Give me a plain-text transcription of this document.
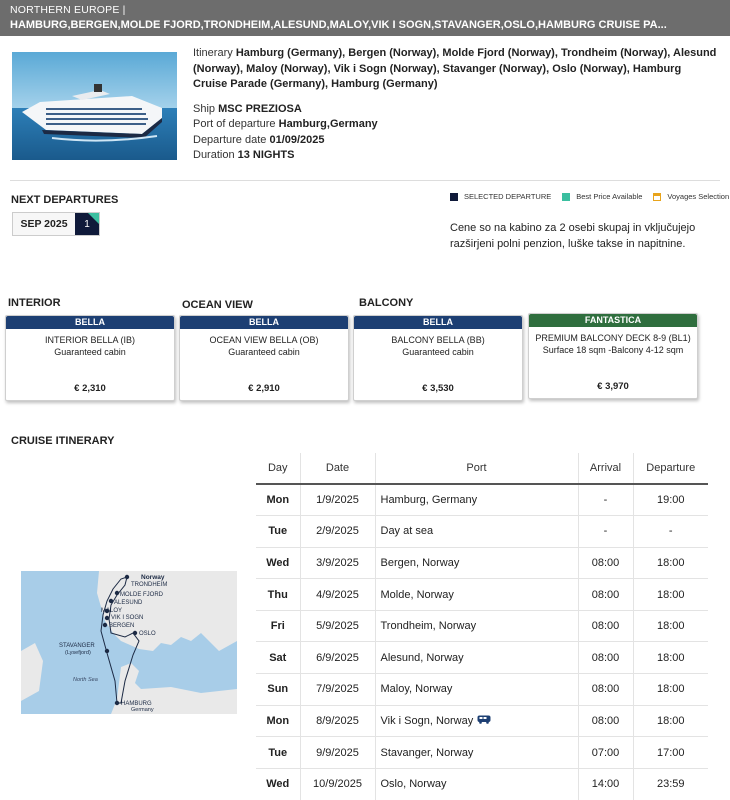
NORTHERN EUROPE |
HAMBURG,BERGEN,MOLDE FJORD,TRONDHEIM,ALESUND,MALOY,VIK I SOGN,STAVANGER,OSLO,HAMBURG CRUISE PA...
Itinerary Hamburg (Germany), Bergen (Norway), Molde Fjord (Norway), Trondheim (Norway), Alesund (Norway), Maloy (Norway), Vik i Sogn (Norway), Stavanger (Norway), Oslo (Norway), Hamburg Cruise Parade (Germany), Hamburg (Germany)
Ship MSC PREZIOSA
Port of departure Hamburg,Germany
Departure date 01/09/2025
Duration 13 NIGHTS
NEXT DEPARTURES
SEP 2025	1
SELECTED DEPARTURE	Best Price Available	Voyages Selection
Cene so na kabino za 2 osebi skupaj in vključujejo razširjeni polni penzion, luške takse in napitnine.
INTERIOR	OCEAN VIEW	BALCONY
BELLA
INTERIOR BELLA (IB)
Guaranteed cabin
€ 2,310
BELLA
OCEAN VIEW BELLA (OB)
Guaranteed cabin
€ 2,910
BELLA
BALCONY BELLA (BB)
Guaranteed cabin
€ 3,530
FANTASTICA
PREMIUM BALCONY DECK 8-9 (BL1)
Surface 18 sqm -Balcony 4-12 sqm
€ 3,970
CRUISE ITINERARY
Norway
TRONDHEIM
MOLDE FJORD
ALESUND
MALOY
VIK I SOGN
BERGEN
OSLO
STAVANGER
(Lysefjord)
North Sea
HAMBURG
Germany
Day	Date	Port	Arrival	Departure
Mon	1/9/2025	Hamburg, Germany	-	19:00
Tue	2/9/2025	Day at sea	-	-
Wed	3/9/2025	Bergen, Norway	08:00	18:00
Thu	4/9/2025	Molde, Norway	08:00	18:00
Fri	5/9/2025	Trondheim, Norway	08:00	18:00
Sat	6/9/2025	Alesund, Norway	08:00	18:00
Sun	7/9/2025	Maloy, Norway	08:00	18:00
Mon	8/9/2025	Vik i Sogn, Norway	08:00	18:00
Tue	9/9/2025	Stavanger, Norway	07:00	17:00
Wed	10/9/2025	Oslo, Norway	14:00	23:59
